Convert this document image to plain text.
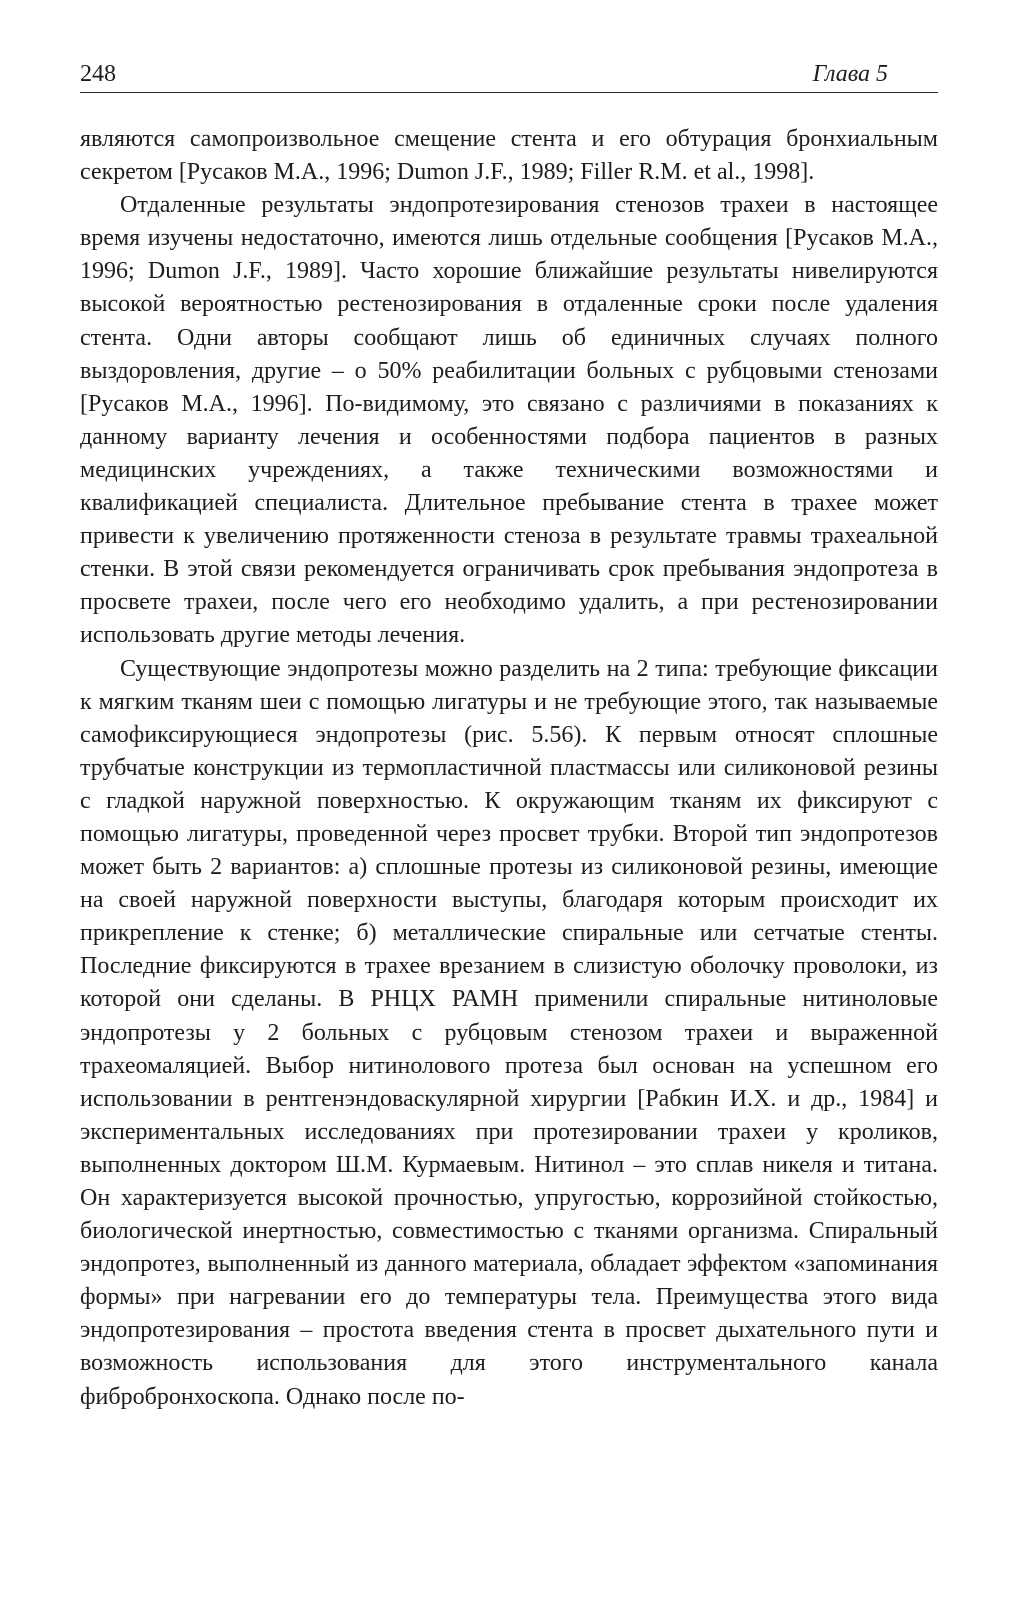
248	Глава 5

являются самопроизвольное смещение стента и его обтурация бронхиальным секретом [Русаков М.А., 1996; Dumon J.F., 1989; Filler R.M. et al., 1998].

Отдаленные результаты эндопротезирования стенозов трахеи в настоящее время изучены недостаточно, имеются лишь отдельные сообщения [Русаков М.А., 1996; Dumon J.F., 1989]. Часто хорошие ближайшие результаты нивелируются высокой вероятностью рестенозирования в отдаленные сроки после удаления стента. Одни авторы сообщают лишь об единичных случаях полного выздоровления, другие – о 50% реабилитации больных с рубцовыми стенозами [Русаков М.А., 1996]. По-видимому, это связано с различиями в показаниях к данному варианту лечения и особенностями подбора пациентов в разных медицинских учреждениях, а также техническими возможностями и квалификацией специалиста. Длительное пребывание стента в трахее может привести к увеличению протяженности стеноза в результате травмы трахеальной стенки. В этой связи рекомендуется ограничивать срок пребывания эндопротеза в просвете трахеи, после чего его необходимо удалить, а при рестенозировании использовать другие методы лечения.

Существующие эндопротезы можно разделить на 2 типа: требующие фиксации к мягким тканям шеи с помощью лигатуры и не требующие этого, так называемые самофиксирующиеся эндопротезы (рис. 5.56). К первым относят сплошные трубчатые конструкции из термопластичной пластмассы или силиконовой резины с гладкой наружной поверхностью. К окружающим тканям их фиксируют с помощью лигатуры, проведенной через просвет трубки. Второй тип эндопротезов может быть 2 вариантов: а) сплошные протезы из силиконовой резины, имеющие на своей наружной поверхности выступы, благодаря которым происходит их прикрепление к стенке; б) металлические спиральные или сетчатые стенты. Последние фиксируются в трахее врезанием в слизистую оболочку проволоки, из которой они сделаны. В РНЦХ РАМН применили спиральные нитиноловые эндопротезы у 2 больных с рубцовым стенозом трахеи и выраженной трахеомаляцией. Выбор нитинолового протеза был основан на успешном его использовании в рентгенэндоваскулярной хирургии [Рабкин И.Х. и др., 1984] и экспериментальных исследованиях при протезировании трахеи у кроликов, выполненных доктором Ш.М. Курмаевым. Нитинол – это сплав никеля и титана. Он характеризуется высокой прочностью, упругостью, коррозийной стойкостью, биологической инертностью, совместимостью с тканями организма. Спиральный эндопротез, выполненный из данного материала, обладает эффектом «запоминания формы» при нагревании его до температуры тела. Преимущества этого вида эндопротезирования – простота введения стента в просвет дыхательного пути и возможность использования для этого инструментального канала фибробронхоскопа. Однако после по-
